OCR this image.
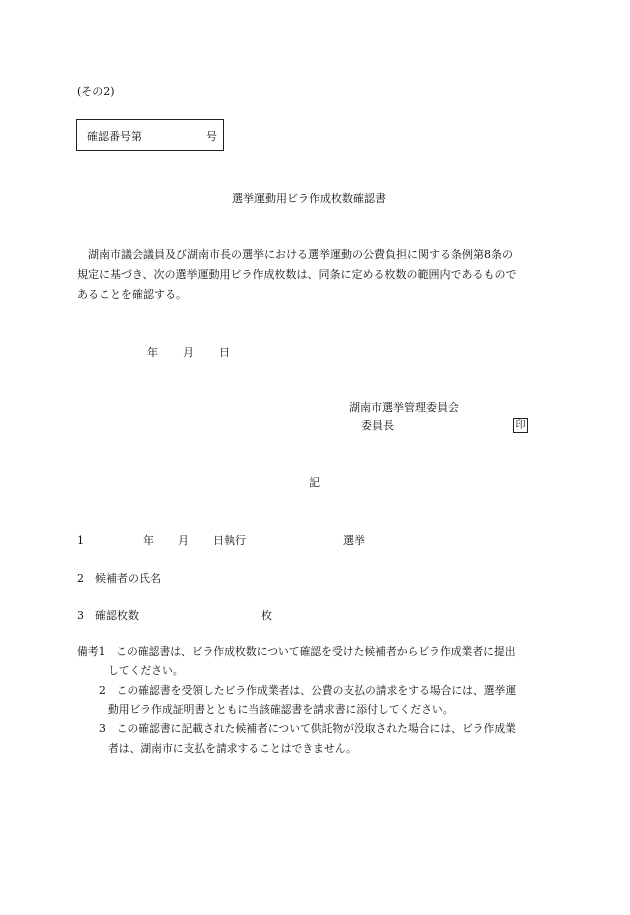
(その2)
確認番号第	号
選挙運動用ビラ作成枚数確認書
湖南市議会議員及び湖南市長の選挙における選挙運動の公費負担に関する条例第8条の
規定に基づき、次の選挙運動用ビラ作成枚数は、同条に定める枚数の範囲内であるもので
あることを確認する。
年 月 日
湖南市選挙管理委員会
委員長	印
記
1	年 月 日執行	選挙
2　候補者の氏名
3　確認枚数	枚
備考1　この確認書は、ビラ作成枚数について確認を受けた候補者からビラ作成業者に提出
してください。
2　この確認書を受領したビラ作成業者は、公費の支払の請求をする場合には、選挙運
動用ビラ作成証明書とともに当該確認書を請求書に添付してください。
3　この確認書に記載された候補者について供託物が没取された場合には、ビラ作成業
者は、湖南市に支払を請求することはできません。
